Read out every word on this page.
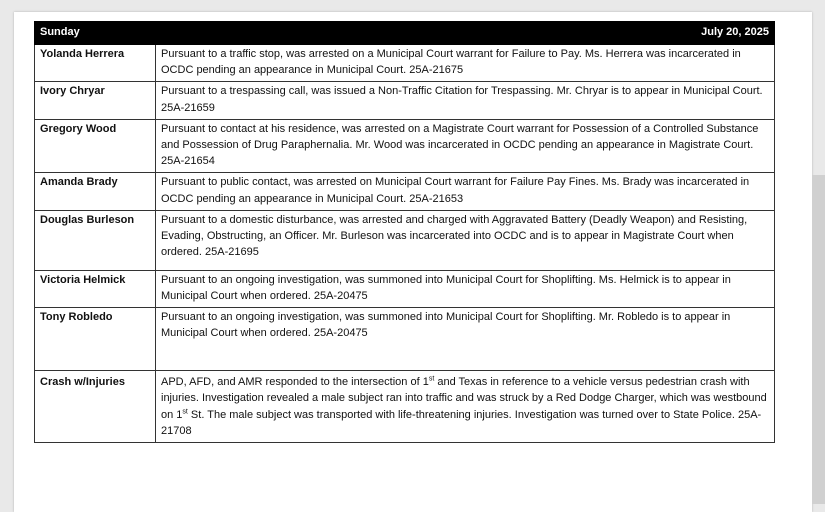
Sunday	July 20, 2025
Yolanda Herrera	Pursuant to a traffic stop, was arrested on a Municipal Court warrant for Failure to Pay. Ms. Herrera was incarcerated in OCDC pending an appearance in Municipal Court. 25A-21675
Ivory Chryar	Pursuant to a trespassing call, was issued a Non-Traffic Citation for Trespassing. Mr. Chryar is to appear in Municipal Court. 25A-21659
Gregory Wood	Pursuant to contact at his residence, was arrested on a Magistrate Court warrant for Possession of a Controlled Substance and Possession of Drug Paraphernalia. Mr. Wood was incarcerated in OCDC pending an appearance in Magistrate Court. 25A-21654
Amanda Brady	Pursuant to public contact, was arrested on Municipal Court warrant for Failure Pay Fines. Ms. Brady was incarcerated in OCDC pending an appearance in Municipal Court. 25A-21653
Douglas Burleson	Pursuant to a domestic disturbance, was arrested and charged with Aggravated Battery (Deadly Weapon) and Resisting, Evading, Obstructing, an Officer. Mr. Burleson was incarcerated into OCDC and is to appear in Magistrate Court when ordered. 25A-21695
Victoria Helmick	Pursuant to an ongoing investigation, was summoned into Municipal Court for Shoplifting. Ms. Helmick is to appear in Municipal Court when ordered. 25A-20475
Tony Robledo	Pursuant to an ongoing investigation, was summoned into Municipal Court for Shoplifting. Mr. Robledo is to appear in Municipal Court when ordered. 25A-20475
Crash w/Injuries	APD, AFD, and AMR responded to the intersection of 1st and Texas in reference to a vehicle versus pedestrian crash with injuries. Investigation revealed a male subject ran into traffic and was struck by a Red Dodge Charger, which was westbound on 1st St. The male subject was transported with life-threatening injuries. Investigation was turned over to State Police. 25A-21708
